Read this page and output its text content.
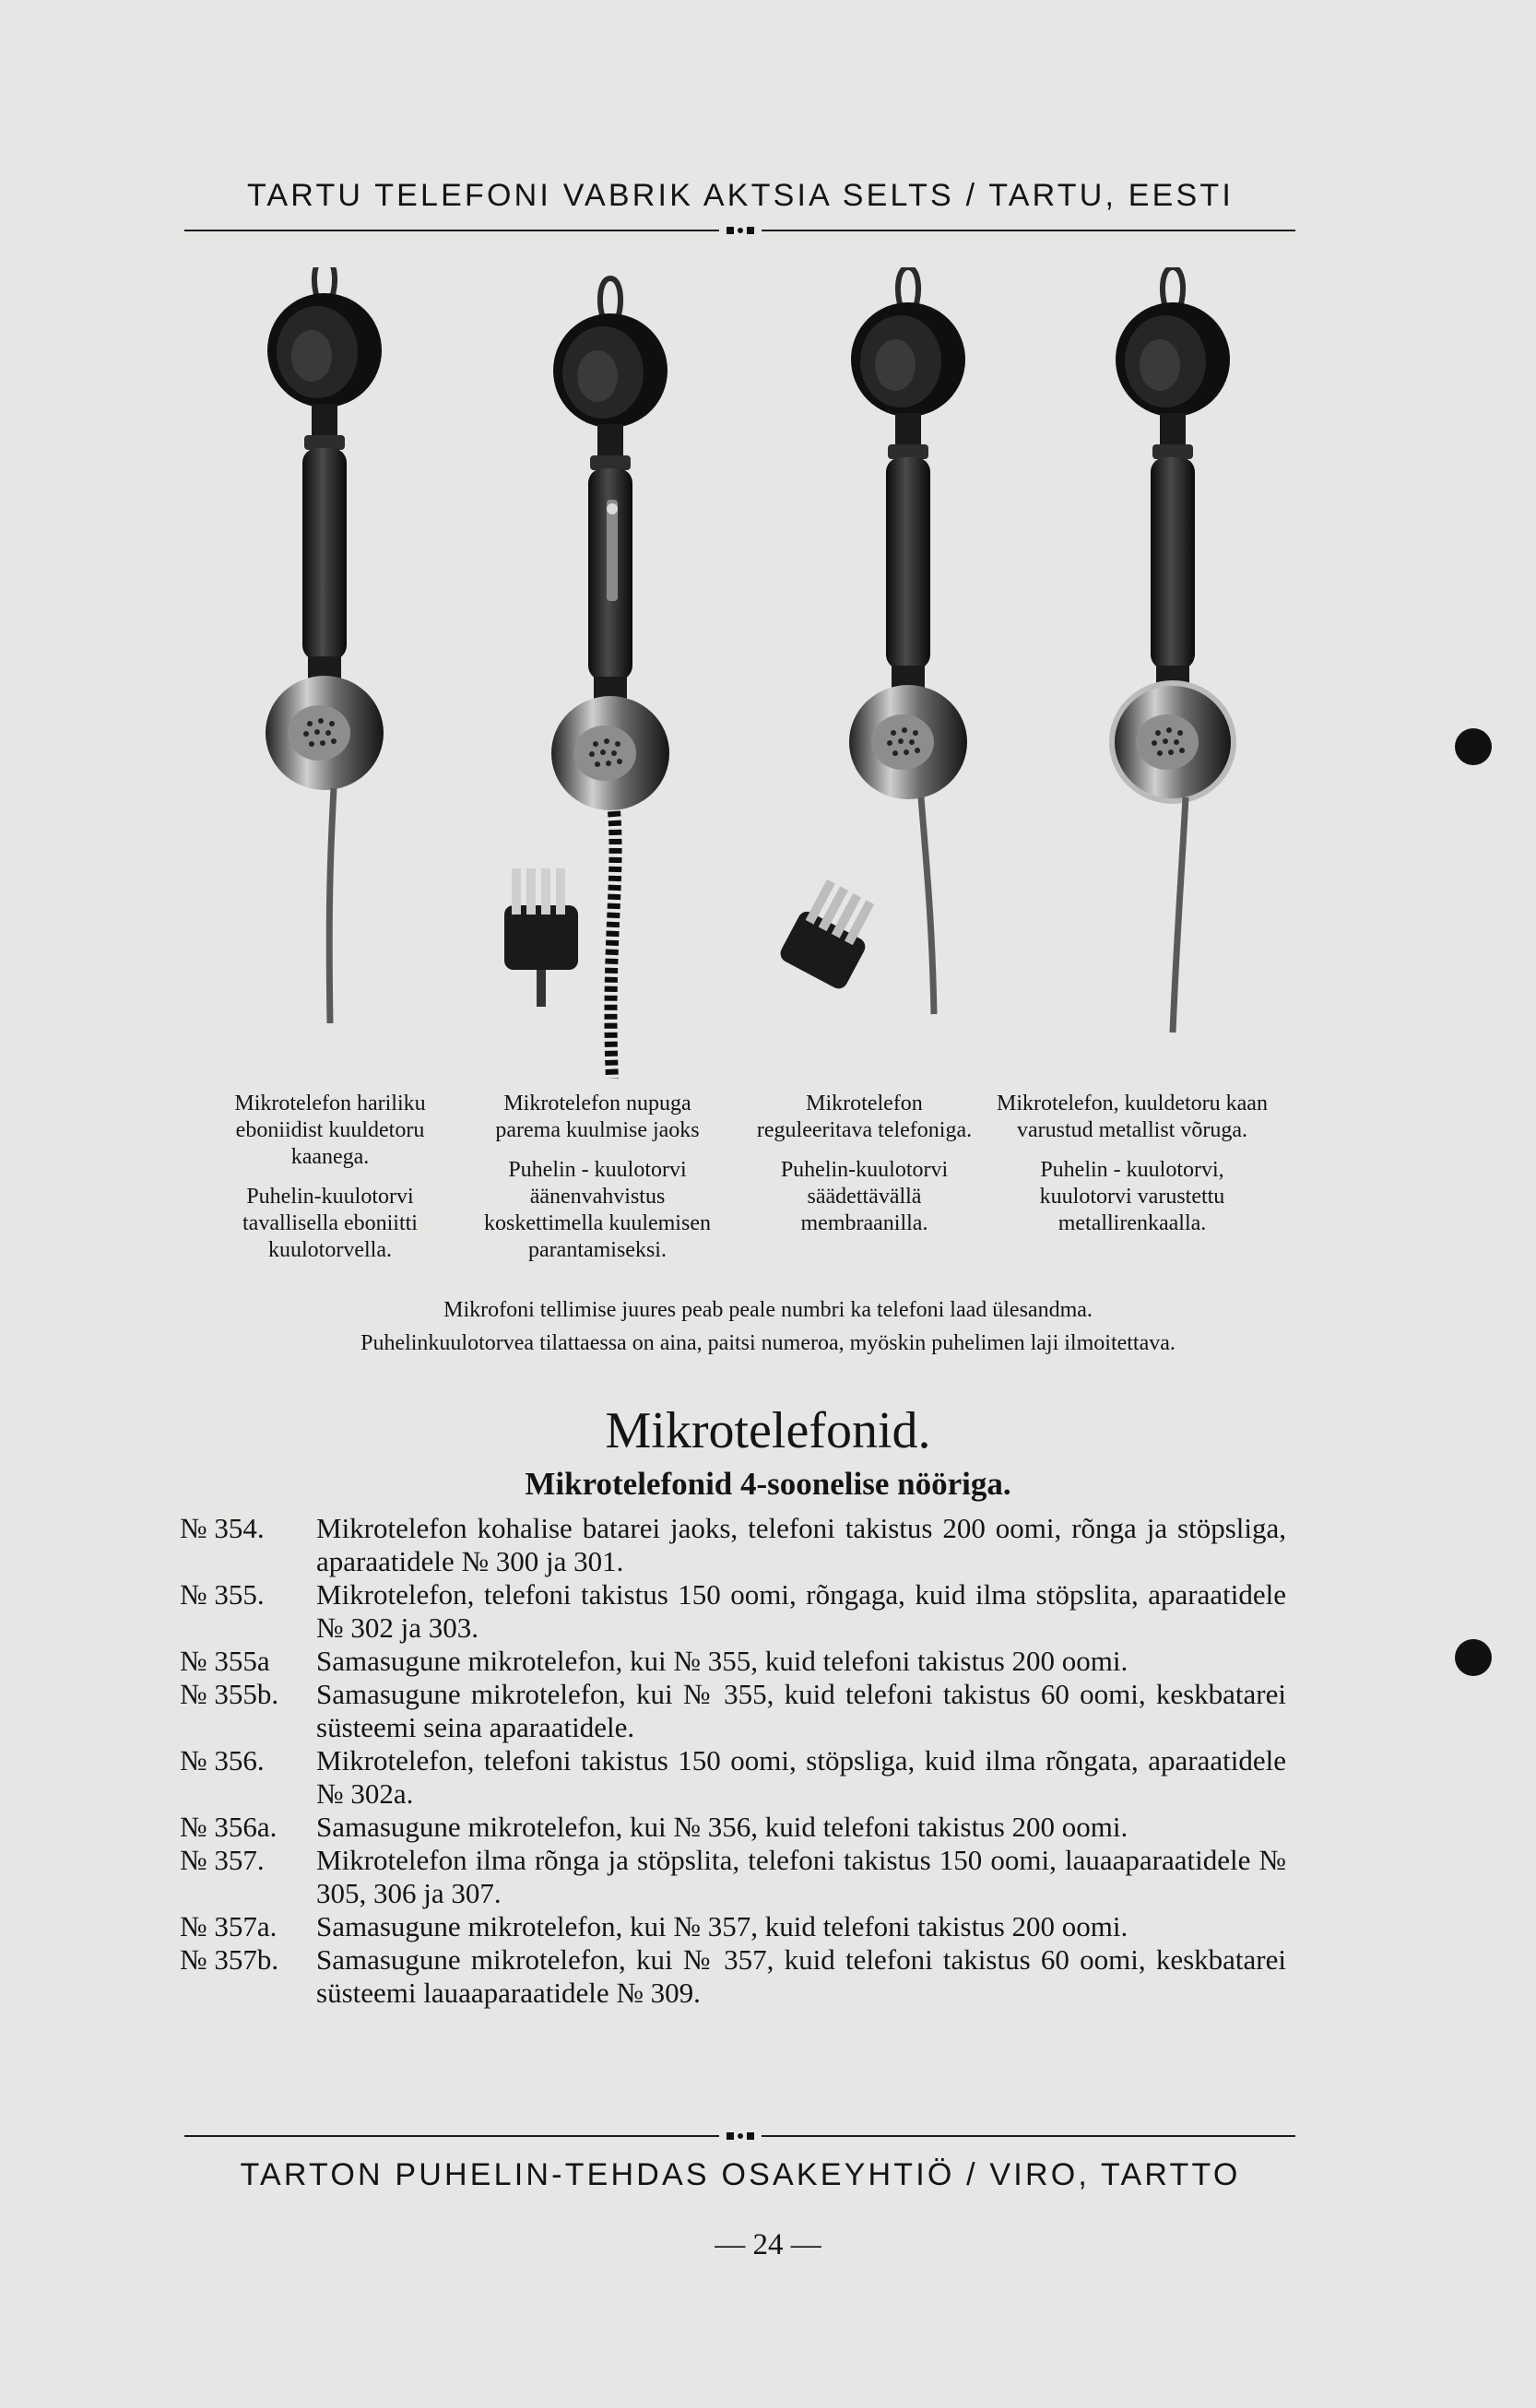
TARTU TELEFONI VABRIK AKTSIA SELTS / TARTU, EESTI

Mikrotelefon hariliku eboniidist kuuldetoru kaanega.

Puhelin-kuulotorvi tavallisella eboniitti kuulotorvella.

Mikrotelefon nupuga parema kuulmise jaoks

Puhelin - kuulotorvi äänenvahvistus koskettimella kuulemisen parantamiseksi.

Mikrotelefon reguleeritava telefoniga.

Puhelin-kuulotorvi säädettävällä membraanilla.

Mikrotelefon, kuuldetoru kaan varustud metallist võruga.

Puhelin - kuulotorvi, kuulotorvi varustettu metallirenkaalla.

Mikrofoni tellimise juures peab peale numbri ka telefoni laad ülesandma.
Puhelinkuulotorvea tilattaessa on aina, paitsi numeroa, myöskin puhelimen laji ilmoitettava.
Mikrotelefonid.
Mikrotelefonid 4-soonelise nööriga.
№ 354. Mikrotelefon kohalise batarei jaoks, telefoni takistus 200 oomi, rõnga ja stöpsliga, aparaatidele № 300 ja 301.
№ 355. Mikrotelefon, telefoni takistus 150 oomi, rõngaga, kuid ilma stöpslita, aparaatidele № 302 ja 303.
№ 355a Samasugune mikrotelefon, kui № 355, kuid telefoni takistus 200 oomi.
№ 355b. Samasugune mikrotelefon, kui № 355, kuid telefoni takistus 60 oomi, keskbatarei süsteemi seina aparaatidele.
№ 356. Mikrotelefon, telefoni takistus 150 oomi, stöpsliga, kuid ilma rõngata, aparaatidele № 302a.
№ 356a. Samasugune mikrotelefon, kui № 356, kuid telefoni takistus 200 oomi.
№ 357. Mikrotelefon ilma rõnga ja stöpslita, telefoni takistus 150 oomi, lauaaparaatidele № 305, 306 ja 307.
№ 357a. Samasugune mikrotelefon, kui № 357, kuid telefoni takistus 200 oomi.
№ 357b. Samasugune mikrotelefon, kui № 357, kuid telefoni takistus 60 oomi, keskbatarei süsteemi lauaaparaatidele № 309.
TARTON PUHELIN-TEHDAS OSAKEYHTIÖ / VIRO, TARTTO
— 24 —
